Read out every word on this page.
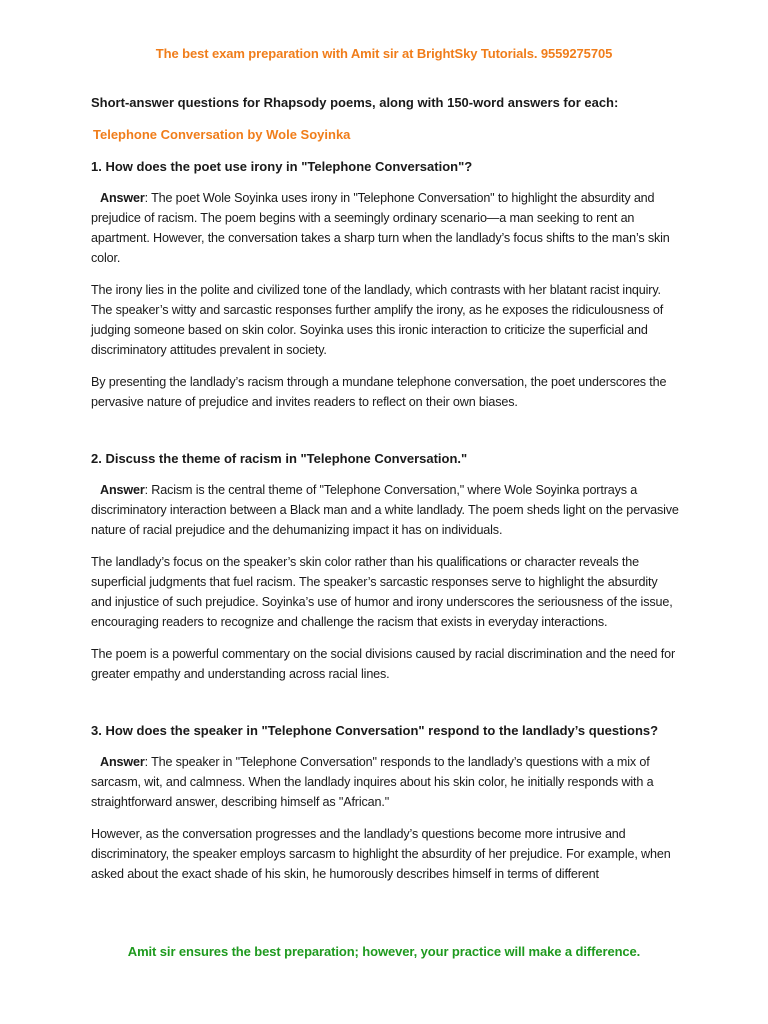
The best exam preparation with Amit sir at BrightSky Tutorials. 9559275705

Short-answer questions for Rhapsody poems, along with 150-word answers for each:

Telephone Conversation by Wole Soyinka

1. How does the poet use irony in "Telephone Conversation"?

Answer: The poet Wole Soyinka uses irony in "Telephone Conversation" to highlight the absurdity and prejudice of racism. The poem begins with a seemingly ordinary scenario—a man seeking to rent an apartment. However, the conversation takes a sharp turn when the landlady’s focus shifts to the man’s skin color.

The irony lies in the polite and civilized tone of the landlady, which contrasts with her blatant racist inquiry. The speaker’s witty and sarcastic responses further amplify the irony, as he exposes the ridiculousness of judging someone based on skin color. Soyinka uses this ironic interaction to criticize the superficial and discriminatory attitudes prevalent in society.

By presenting the landlady’s racism through a mundane telephone conversation, the poet underscores the pervasive nature of prejudice and invites readers to reflect on their own biases.

2. Discuss the theme of racism in "Telephone Conversation."

Answer: Racism is the central theme of "Telephone Conversation," where Wole Soyinka portrays a discriminatory interaction between a Black man and a white landlady. The poem sheds light on the pervasive nature of racial prejudice and the dehumanizing impact it has on individuals.

The landlady’s focus on the speaker’s skin color rather than his qualifications or character reveals the superficial judgments that fuel racism. The speaker’s sarcastic responses serve to highlight the absurdity and injustice of such prejudice. Soyinka’s use of humor and irony underscores the seriousness of the issue, encouraging readers to recognize and challenge the racism that exists in everyday interactions.

The poem is a powerful commentary on the social divisions caused by racial discrimination and the need for greater empathy and understanding across racial lines.

3. How does the speaker in "Telephone Conversation" respond to the landlady’s questions?

Answer: The speaker in "Telephone Conversation" responds to the landlady’s questions with a mix of sarcasm, wit, and calmness. When the landlady inquires about his skin color, he initially responds with a straightforward answer, describing himself as "African."

However, as the conversation progresses and the landlady’s questions become more intrusive and discriminatory, the speaker employs sarcasm to highlight the absurdity of her prejudice. For example, when asked about the exact shade of his skin, he humorously describes himself in terms of different

Amit sir ensures the best preparation; however, your practice will make a difference.
